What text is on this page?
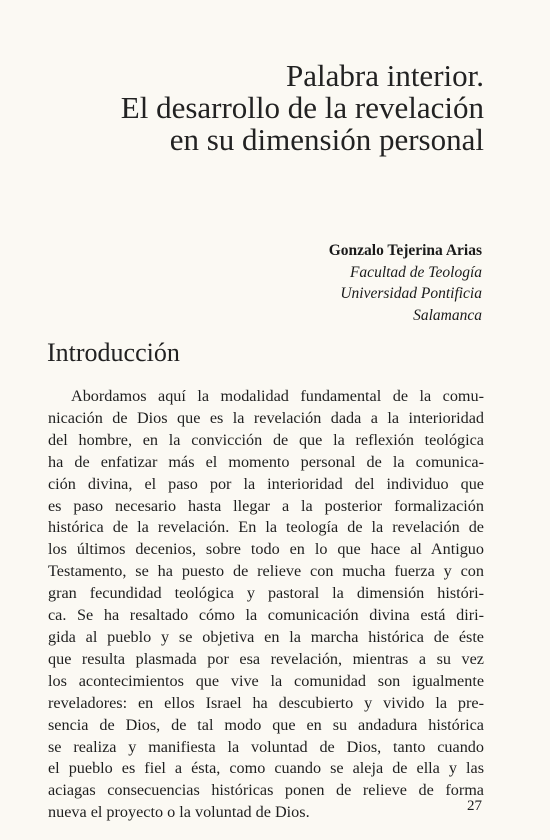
Palabra interior.
El desarrollo de la revelación
en su dimensión personal
Gonzalo Tejerina Arias
Facultad de Teología
Universidad Pontificia
Salamanca
Introducción
Abordamos aquí la modalidad fundamental de la comu-
nicación de Dios que es la revelación dada a la interioridad
del hombre, en la convicción de que la reflexión teológica
ha de enfatizar más el momento personal de la comunica-
ción divina, el paso por la interioridad del individuo que
es paso necesario hasta llegar a la posterior formalización
histórica de la revelación. En la teología de la revelación de
los últimos decenios, sobre todo en lo que hace al Antiguo
Testamento, se ha puesto de relieve con mucha fuerza y con
gran fecundidad teológica y pastoral la dimensión históri-
ca. Se ha resaltado cómo la comunicación divina está diri-
gida al pueblo y se objetiva en la marcha histórica de éste
que resulta plasmada por esa revelación, mientras a su vez
los acontecimientos que vive la comunidad son igualmente
reveladores: en ellos Israel ha descubierto y vivido la pre-
sencia de Dios, de tal modo que en su andadura histórica
se realiza y manifiesta la voluntad de Dios, tanto cuando
el pueblo es fiel a ésta, como cuando se aleja de ella y las
aciagas consecuencias históricas ponen de relieve de forma
nueva el proyecto o la voluntad de Dios.	27
